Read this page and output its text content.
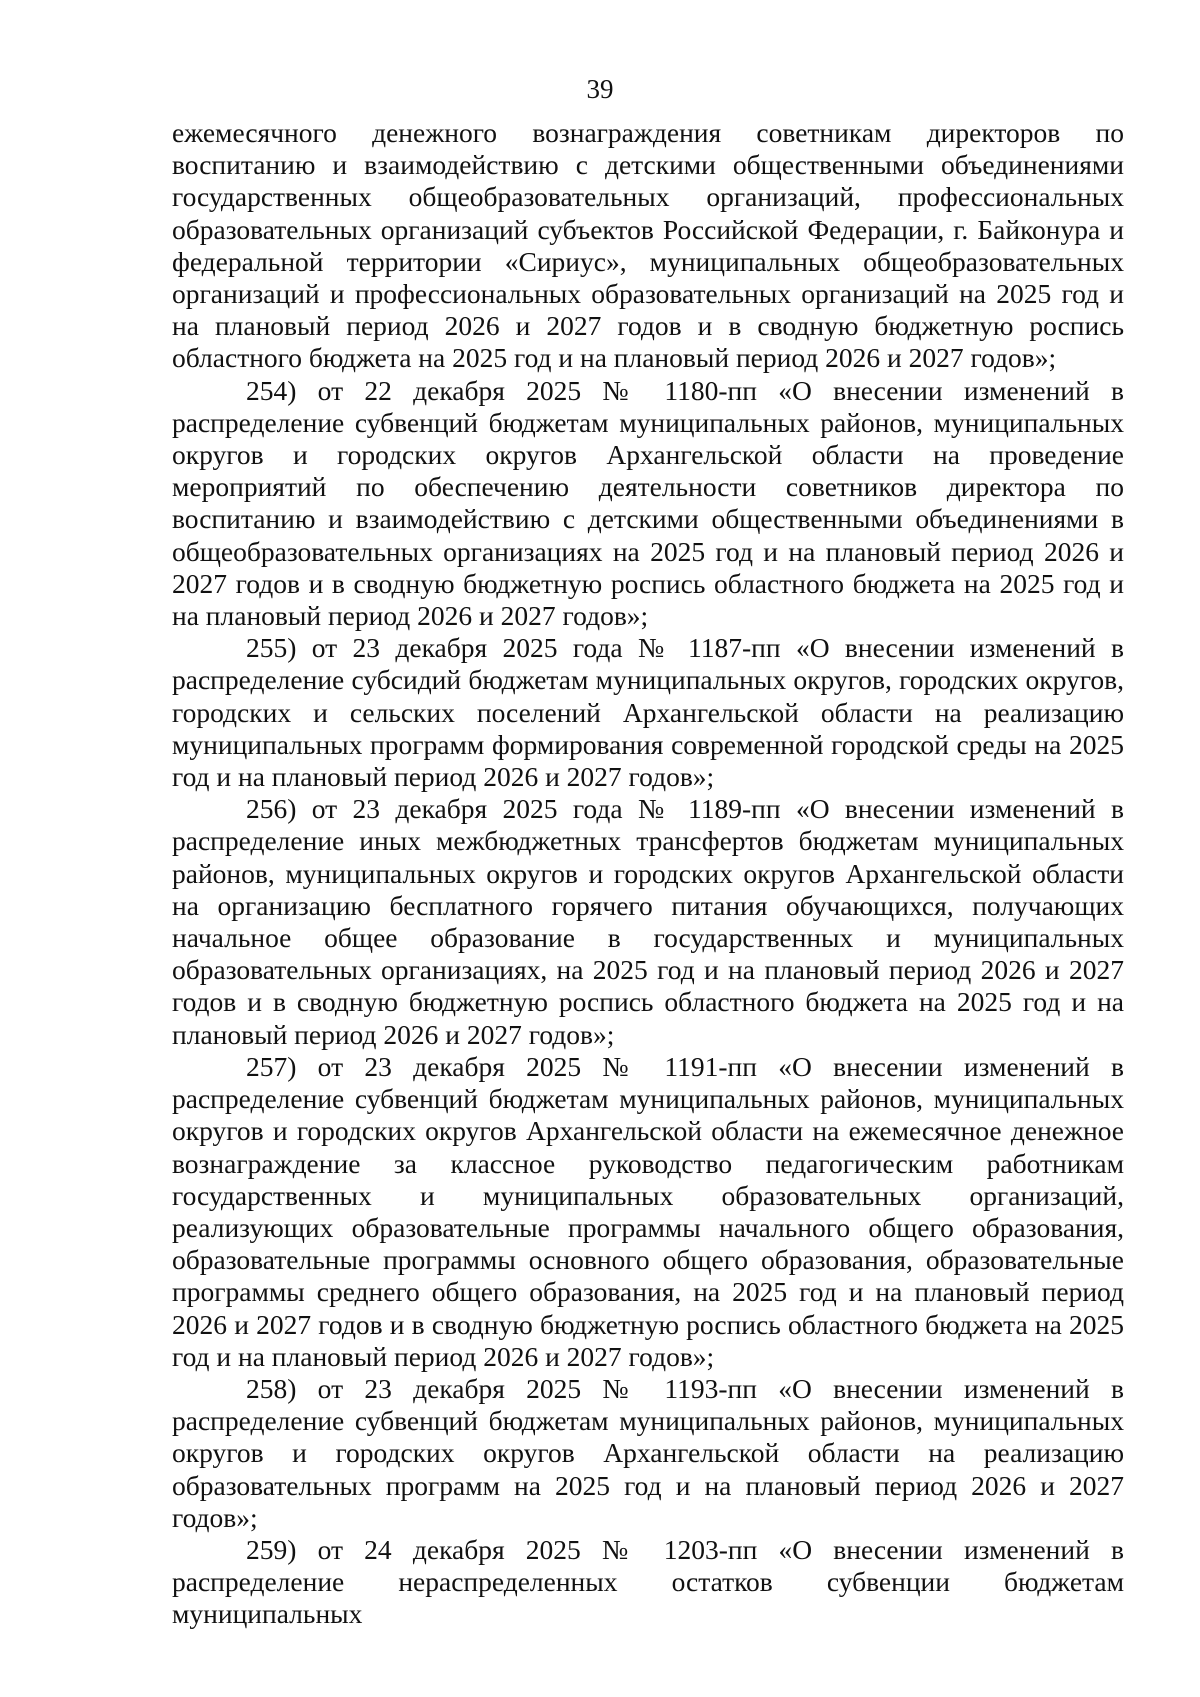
39

ежемесячного денежного вознаграждения советникам директоров по воспитанию и взаимодействию с детскими общественными объединениями государственных общеобразовательных организаций, профессиональных образовательных организаций субъектов Российской Федерации, г. Байконура и федеральной территории «Сириус», муниципальных общеобразовательных организаций и профессиональных образовательных организаций на 2025 год и на плановый период 2026 и 2027 годов и в сводную бюджетную роспись областного бюджета на 2025 год и на плановый период 2026 и 2027 годов»;

254) от 22 декабря 2025 № 1180-пп «О внесении изменений в распределение субвенций бюджетам муниципальных районов, муниципальных округов и городских округов Архангельской области на проведение мероприятий по обеспечению деятельности советников директора по воспитанию и взаимодействию с детскими общественными объединениями в общеобразовательных организациях на 2025 год и на плановый период 2026 и 2027 годов и в сводную бюджетную роспись областного бюджета на 2025 год и на плановый период 2026 и 2027 годов»;

255) от 23 декабря 2025 года № 1187-пп «О внесении изменений в распределение субсидий бюджетам муниципальных округов, городских округов, городских и сельских поселений Архангельской области на реализацию муниципальных программ формирования современной городской среды на 2025 год и на плановый период 2026 и 2027 годов»;

256) от 23 декабря 2025 года № 1189-пп «О внесении изменений в распределение иных межбюджетных трансфертов бюджетам муниципальных районов, муниципальных округов и городских округов Архангельской области на организацию бесплатного горячего питания обучающихся, получающих начальное общее образование в государственных и муниципальных образовательных организациях, на 2025 год и на плановый период 2026 и 2027 годов и в сводную бюджетную роспись областного бюджета на 2025 год и на плановый период 2026 и 2027 годов»;

257) от 23 декабря 2025 № 1191-пп «О внесении изменений в распределение субвенций бюджетам муниципальных районов, муниципальных округов и городских округов Архангельской области на ежемесячное денежное вознаграждение за классное руководство педагогическим работникам государственных и муниципальных образовательных организаций, реализующих образовательные программы начального общего образования, образовательные программы основного общего образования, образовательные программы среднего общего образования, на 2025 год и на плановый период 2026 и 2027 годов и в сводную бюджетную роспись областного бюджета на 2025 год и на плановый период 2026 и 2027 годов»;

258) от 23 декабря 2025 № 1193-пп «О внесении изменений в распределение субвенций бюджетам муниципальных районов, муниципальных округов и городских округов Архангельской области на реализацию образовательных программ на 2025 год и на плановый период 2026 и 2027 годов»;

259) от 24 декабря 2025 № 1203-пп «О внесении изменений в распределение нераспределенных остатков субвенции бюджетам муниципальных
